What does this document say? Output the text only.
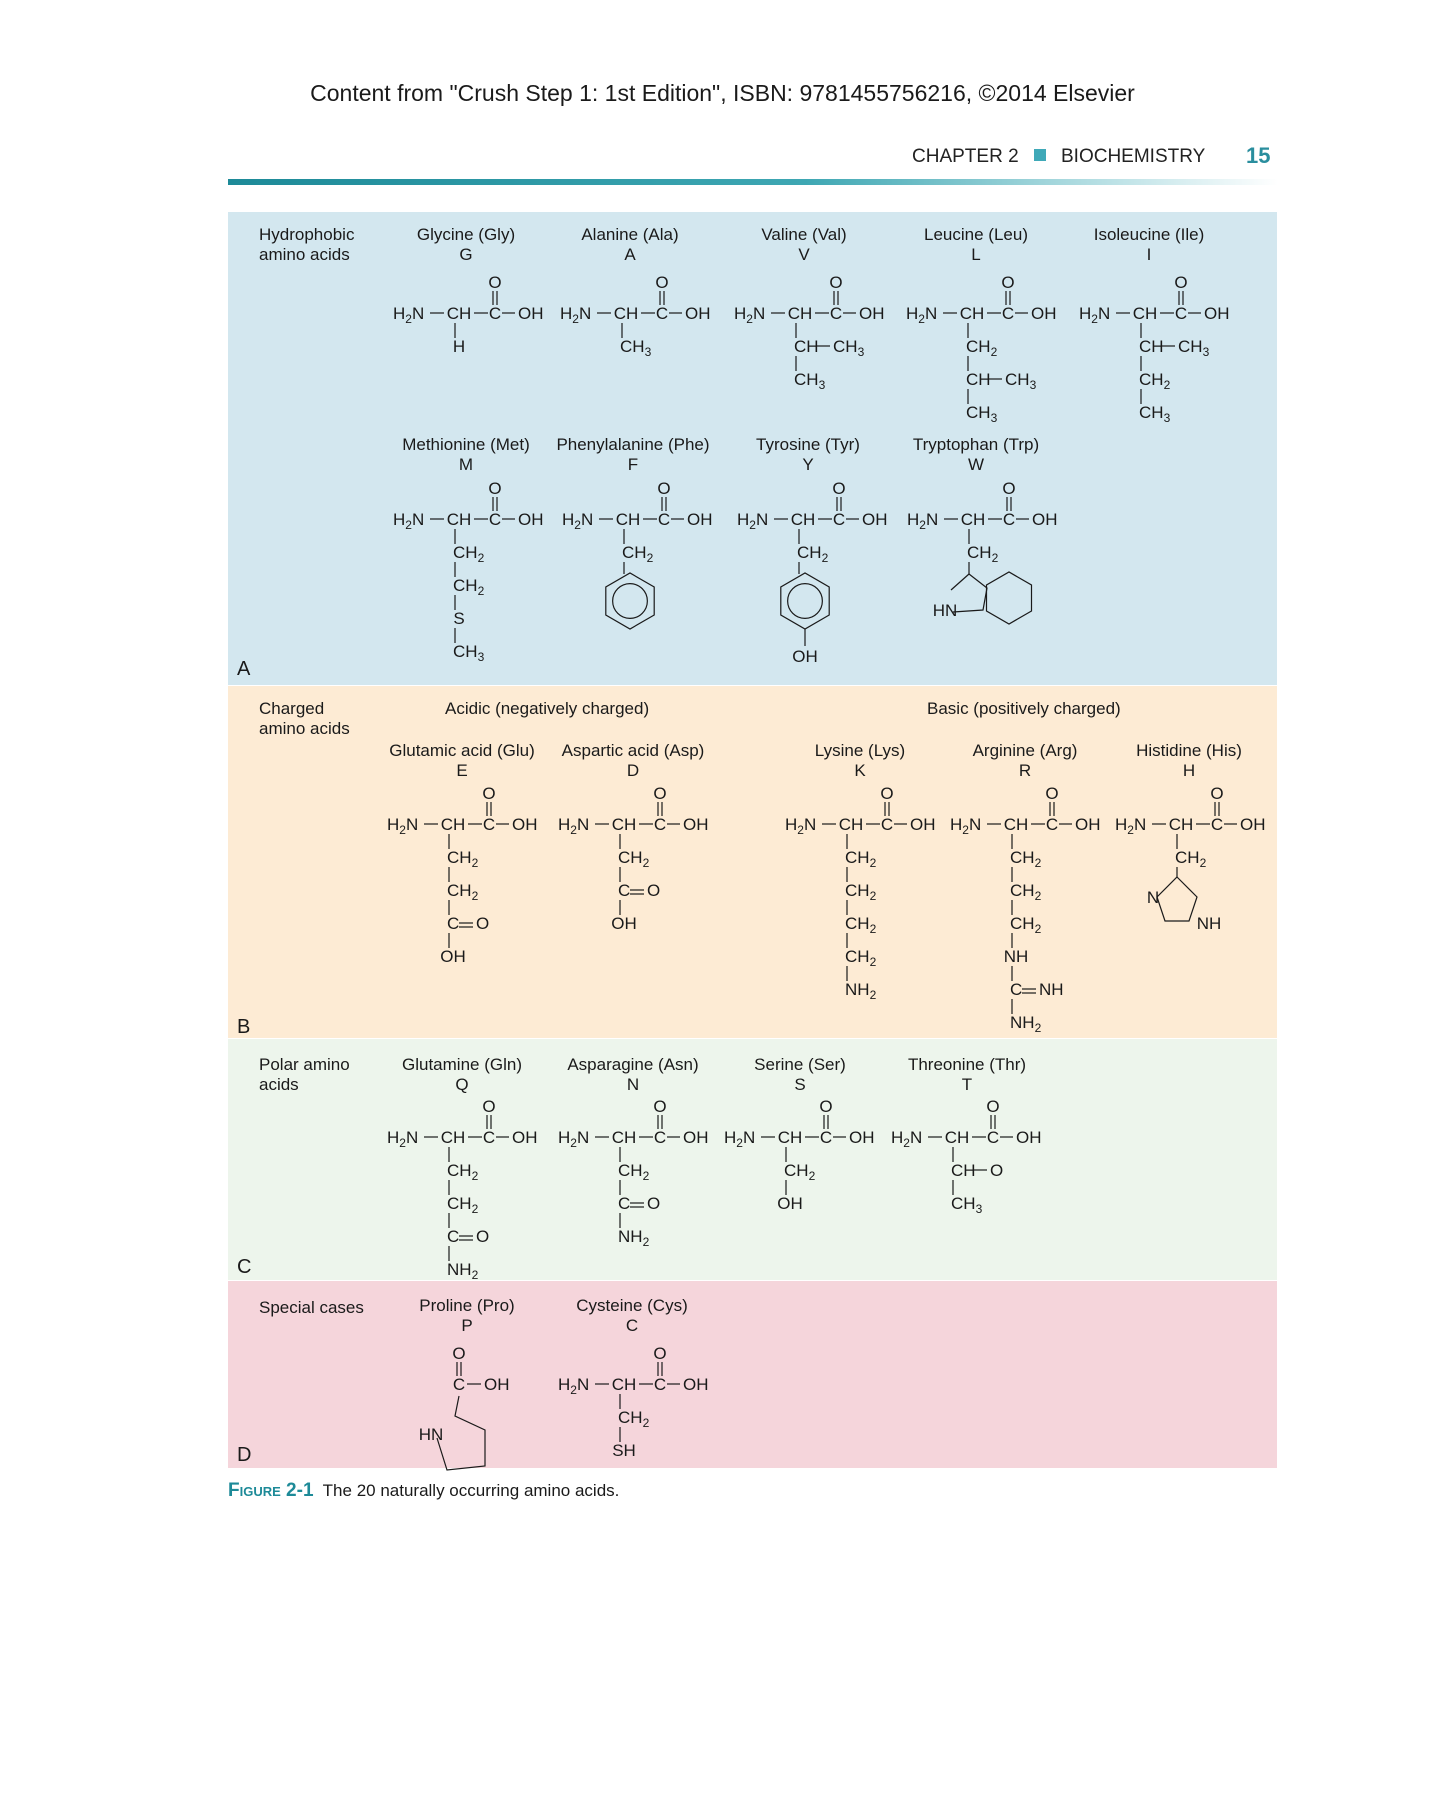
Content from "Crush Step 1: 1st Edition", ISBN: 9781455756216, ©2014 Elsevier
CHAPTER 2 BIOCHEMISTRY 15
Hydrophobic
amino acids
A
Glycine (Gly)
G
Alanine (Ala)
A
Valine (Val)
V
Leucine (Leu)
L
Isoleucine (Ile)
I
Methionine (Met)
M
Phenylalanine (Phe)
F
Tyrosine (Tyr)
Y
Tryptophan (Trp)
W
Charged
amino acids
B
Acidic (negatively charged)	Basic (positively charged)
Glutamic acid (Glu)
E
Aspartic acid (Asp)
D
Lysine (Lys)
K
Arginine (Arg)
R
Histidine (His)
H
Polar amino
acids
C
Glutamine (Gln)
Q
Asparagine (Asn)
N
Serine (Ser)
S
Threonine (Thr)
T
Special cases
D
Proline (Pro)
P
Cysteine (Cys)
C
Figure 2-1 The 20 naturally occurring amino acids.
$H_2N$ CH C OH
O
H
$H_2N$ CH C OH
O
$CH_3$
$H_2N$ CH C OH
O
CH $CH_3$
$CH_3$
$H_2N$ CH C OH
O
$CH_2$
CH $CH_3$
$CH_3$
$H_2N$ CH C OH
O
CH $CH_3$
$CH_2$
$CH_3$
$H_2N$ CH C OH
O
$CH_2$
$CH_2$
S
$CH_3$
$H_2N$ CH C OH
O
$CH_2$
$H_2N$ CH C OH
O
$CH_2$
OH
$H_2N$ CH C OH
O
$CH_2$
HN
$H_2N$ CH C OH
O
$CH_2$
$CH_2$
C O
OH
$H_2N$ CH C OH
O
$CH_2$
C O
OH
$H_2N$ CH C OH
O
$CH_2$
$CH_2$
$CH_2$
$CH_2$
$NH_2$
$H_2N$ CH C OH
O
$CH_2$
$CH_2$
$CH_2$
NH
C NH
$NH_2$
$H_2N$ CH C OH
O
$CH_2$
N
NH
$H_2N$ CH C OH
O
$CH_2$
$CH_2$
C O
$NH_2$
$H_2N$ CH C OH
O
$CH_2$
C O
$NH_2$
$H_2N$ CH C OH
O
$CH_2$
OH
$H_2N$ CH C OH
O
CH O
$CH_3$
O
C OH
HN
$H_2N$ CH C OH
O
$CH_2$
SH
